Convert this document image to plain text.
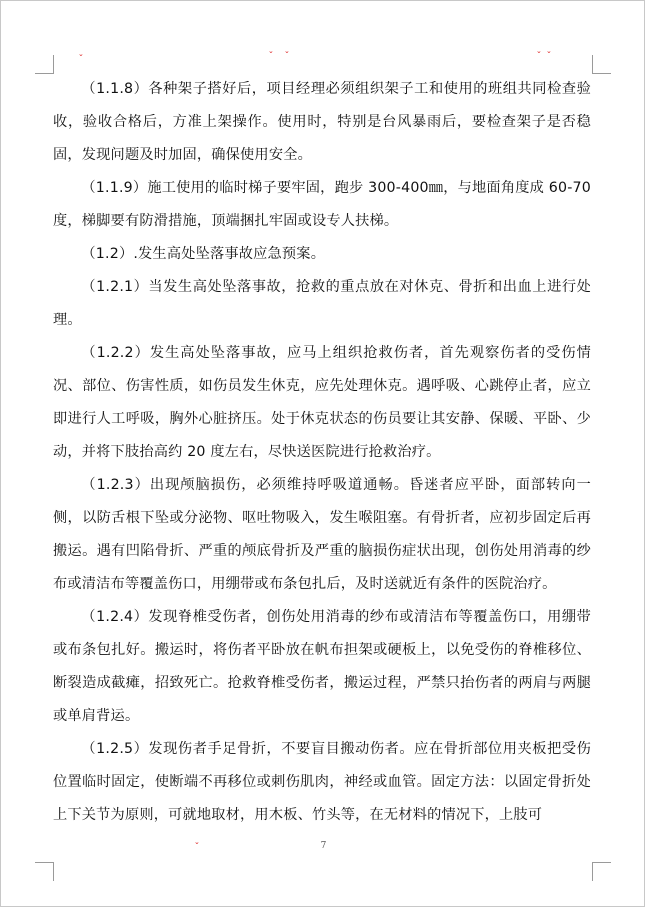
⌄	⌄ ⌄	⌄ ⌄
⌄

（1.1.8）各种架子搭好后，项目经理必须组织架子工和使用的班组共同检查验收，验收合格后，方准上架操作。使用时，特别是台风暴雨后，要检查架子是否稳固，发现问题及时加固，确保使用安全。

（1.1.9）施工使用的临时梯子要牢固，跑步 300-400㎜，与地面角度成 60-70 度，梯脚要有防滑措施，顶端捆扎牢固或设专人扶梯。

（1.2）.发生高处坠落事故应急预案。

（1.2.1）当发生高处坠落事故，抢救的重点放在对休克、骨折和出血上进行处理。

（1.2.2）发生高处坠落事故，应马上组织抢救伤者，首先观察伤者的受伤情况、部位、伤害性质，如伤员发生休克，应先处理休克。遇呼吸、心跳停止者，应立即进行人工呼吸，胸外心脏挤压。处于休克状态的伤员要让其安静、保暖、平卧、少动，并将下肢抬高约 20 度左右，尽快送医院进行抢救治疗。

（1.2.3）出现颅脑损伤，必须维持呼吸道通畅。昏迷者应平卧，面部转向一侧，以防舌根下坠或分泌物、呕吐物吸入，发生喉阻塞。有骨折者，应初步固定后再搬运。遇有凹陷骨折、严重的颅底骨折及严重的脑损伤症状出现，创伤处用消毒的纱布或清洁布等覆盖伤口，用绷带或布条包扎后，及时送就近有条件的医院治疗。

（1.2.4）发现脊椎受伤者，创伤处用消毒的纱布或清洁布等覆盖伤口，用绷带或布条包扎好。搬运时，将伤者平卧放在帆布担架或硬板上，以免受伤的脊椎移位、断裂造成截瘫，招致死亡。抢救脊椎受伤者，搬运过程，严禁只抬伤者的两肩与两腿或单肩背运。

（1.2.5）发现伤者手足骨折，不要盲目搬动伤者。应在骨折部位用夹板把受伤位置临时固定，使断端不再移位或刺伤肌肉，神经或血管。固定方法：以固定骨折处上下关节为原则，可就地取材，用木板、竹头等，在无材料的情况下，上肢可

7
